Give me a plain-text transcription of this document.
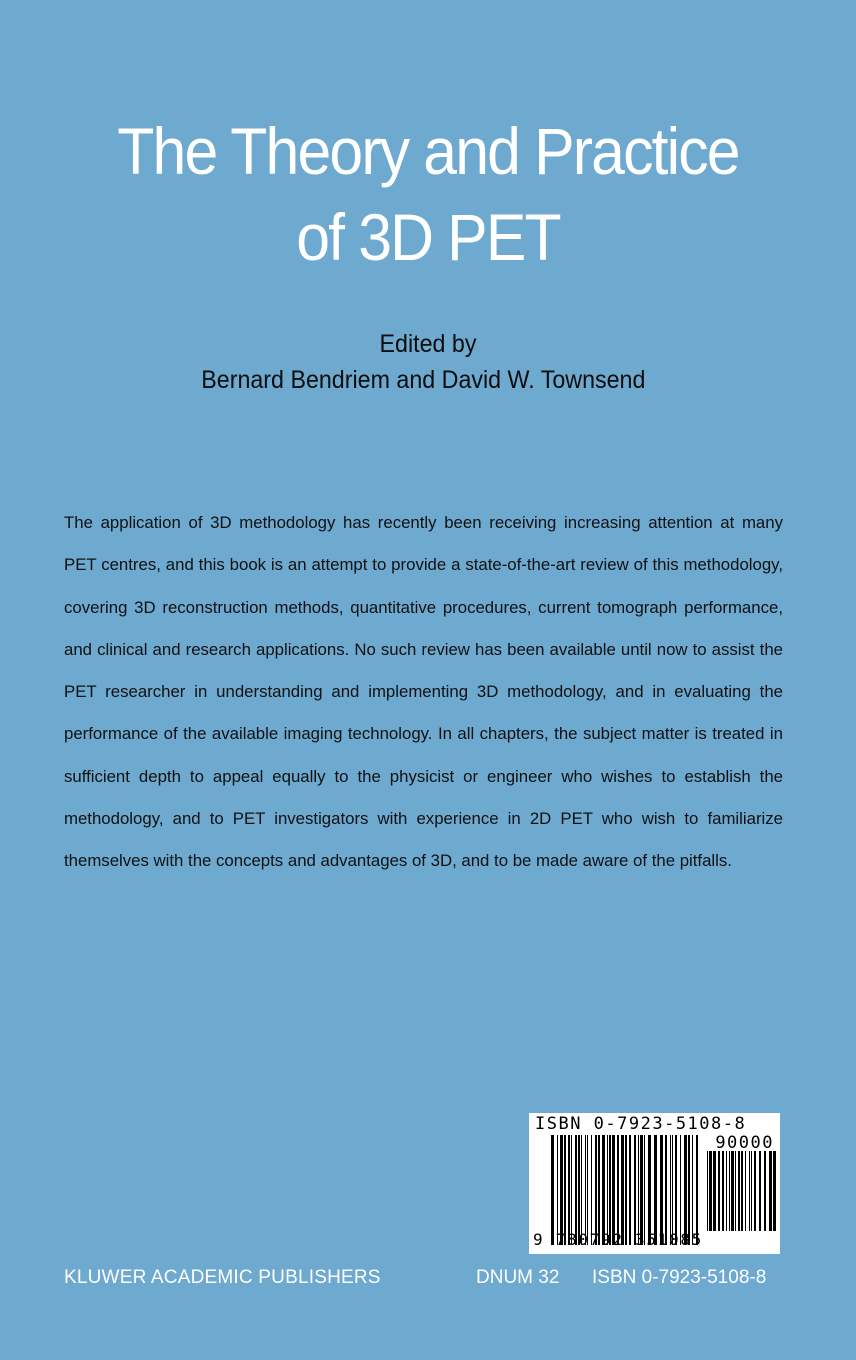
The Theory and Practice
of 3D PET
Edited by
Bernard Bendriem and David W. Townsend

The application of 3D methodology has recently been receiving increasing attention at many PET centres, and this book is an attempt to provide a state-of-the-art review of this methodology, covering 3D reconstruction methods, quantitative procedures, current tomograph performance, and clinical and research applications. No such review has been available until now to assist the PET researcher in understanding and implementing 3D methodology, and in evaluating the performance of the available imaging technology. In all chapters, the subject matter is treated in sufficient depth to appeal equally to the physicist or engineer who wishes to establish the methodology, and to PET investigators with experience in 2D PET who wish to familiarize themselves with the concepts and advantages of 3D, and to be made aware of the pitfalls.

ISBN 0-7923-5108-8
90000
9 780792 351085
KLUWER ACADEMIC PUBLISHERS	DNUM 32 ISBN 0-7923-5108-8
